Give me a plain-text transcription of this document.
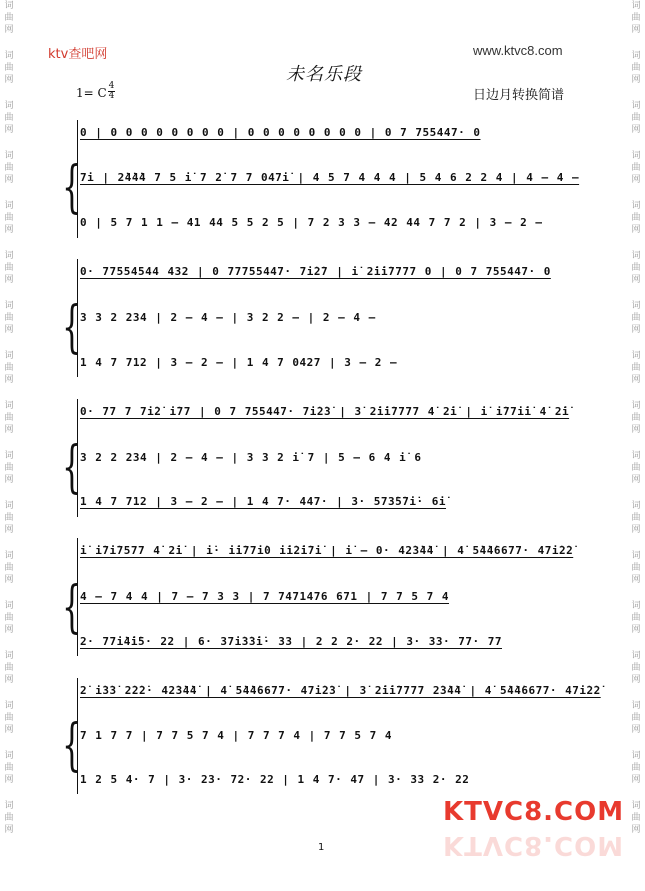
词
曲
网
词
曲
网
词
曲
网
词
曲
网
词
曲
网
词
曲
网
词
曲
网
词
曲
网
词
曲
网
词
曲
网
词
曲
网
词
曲
网
词
曲
网
词
曲
网
词
曲
网
词
曲
网
词
曲
网
词
曲
网
词
曲
网
词
曲
网
词
曲
网
词
曲
网
词
曲
网
词
曲
网
词
曲
网
词
曲
网
词
曲
网
词
曲
网
词
曲
网
词
曲
网
词
曲
网
词
曲
网
词
曲
网
词
曲
网
ktv查吧网	www.ktvc8.com
未名乐段
1= C 4
4	日边月转换简谱
{
0 | 0 0 0 0 0 0 0 0 | 0 0 0 0 0 0 0 0 | 0 7 755447· 0
7i | 2̇4̇4̇4 7 5 i̇ 7 2̇ 7 7 047i̇ | 4 5 7 4 4 4 | 5 4 6 2 2 4 | 4 – 4 –
0 | 5 7 1 1 – 41 44 5 5 2 5 | 7 2 3 3 – 42 44 7 7 2 | 3 – 2 –
{
0· 77554544 432 | 0 77755447· 7i̇2̇7 | i̇ 2̇i̇i̇7777 0 | 0 7 755447· 0
3 3 2 234 | 2 – 4 – | 3 2 2 – | 2 – 4 –
1 4 7 712 | 3 – 2 – | 1 4 7 0427 | 3 – 2 –
{
0· 77 7 7i̇2̇ i̇77 | 0 7 755447· 7i̇2̇3̇ | 3̇ 2̇i̇i̇7777 4̇ 2̇i̇ | i̇ i̇77i̇i̇ 4̇ 2̇i̇
3 2 2 234 | 2 – 4 – | 3 3 2 i̇ 7 | 5 – 6 4 i̇ 6
1 4 7 712 | 3 – 2 – | 1 4 7· 447· | 3· 573̇5̇7i̇· 6i̇
{
i̇ i̇7i̇7577 4̇ 2̇i̇ | i̇· i̇i̇77i̇0 i̇i̇2̇i̇7i̇ | i̇ – 0· 42̇3̇4̇4̇ | 4̇ 5̇4̇4̇6677· 47i̇2̇2̇
4 – 7 4 4 | 7 – 7 3 3 | 7 7471476 671 | 7 7 5 7 4
2· 77i̇4̇i̇5· 22 | 6· 37i̇3̇3̇i̇· 33 | 2 2 2· 22 | 3· 33· 77· 77
{
2̇ i̇3̇3̇ 2̇2̇2̇· 42̇3̇4̇4̇ | 4̇ 5̇4̇4̇6677· 47i̇2̇3̇ | 3̇ 2̇i̇i̇7777 2̇3̇4̇4̇ | 4̇ 5̇4̇4̇6677· 47i̇2̇2̇
7 1 7 7 | 7 7 5 7 4 | 7 7 7 4 | 7 7 5 7 4
1 2 5 4· 7 | 3· 23· 72· 22 | 1 4 7· 47 | 3· 33 2· 22
1
KTVC8.COM
KTVC8.COM
